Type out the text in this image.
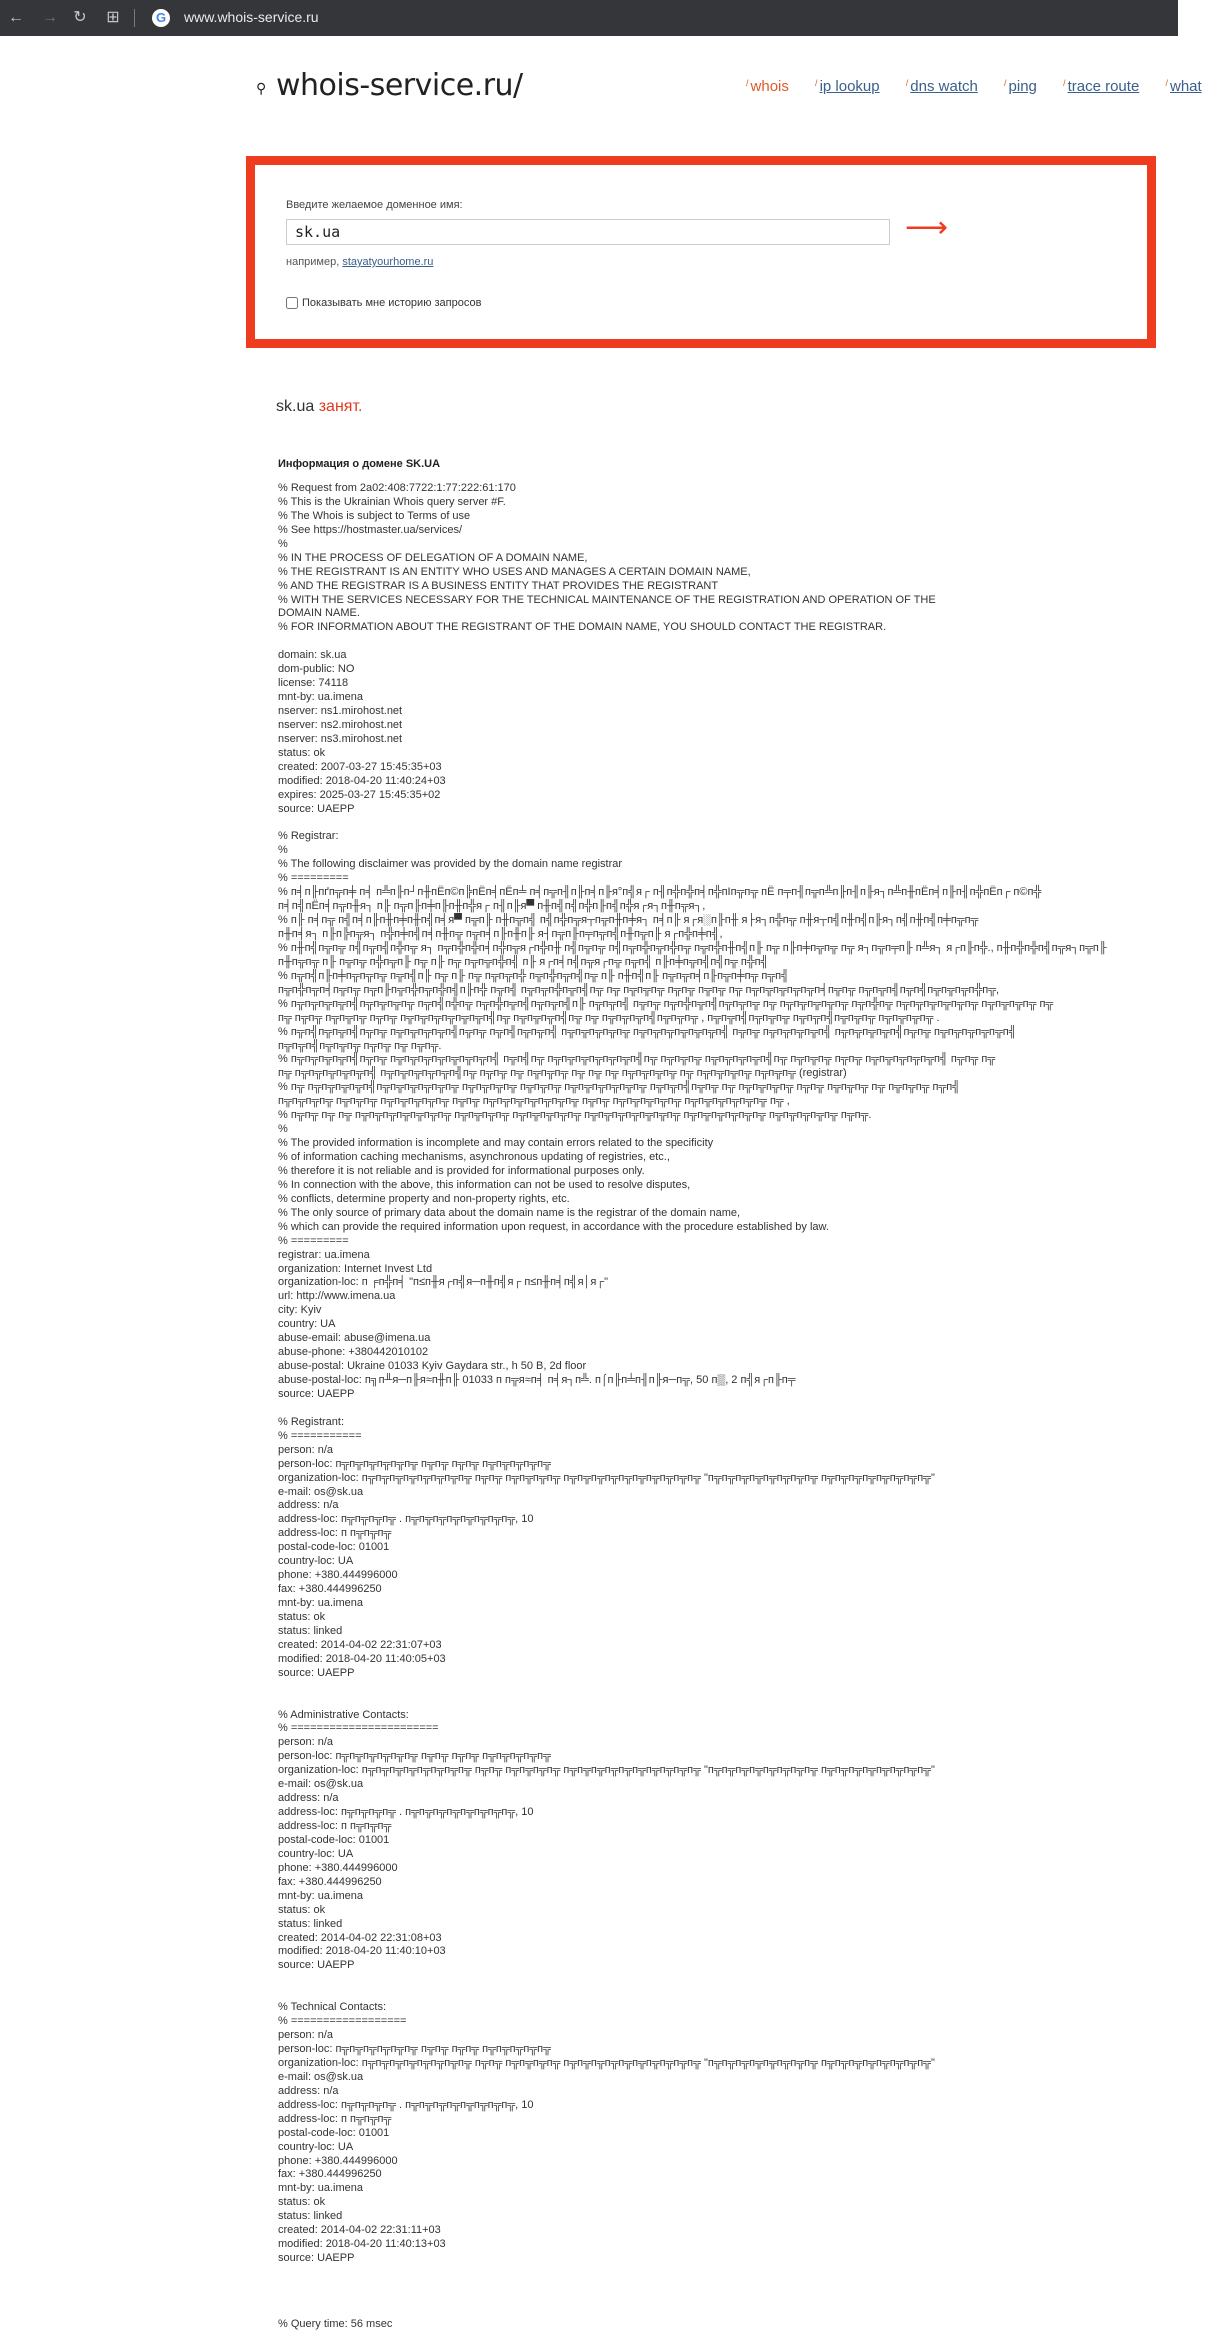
← → ↻ ⊞	G www.whois-service.ru
⚲ whois-service.ru/	/ whois	/ ip lookup	/ dns watch	/ ping	/ trace route	/ what
Введите желаемое доменное имя:
sk.ua
⟶
например, stayatyourhome.ru
Показывать мне историю запросов
sk.ua занят.
Информация о домене SK.UA
% Request from 2a02:408:7722:1:77:222:61:170
% This is the Ukrainian Whois query server #F.
% The Whois is subject to Terms of use
% See https://hostmaster.ua/services/
%
% IN THE PROCESS OF DELEGATION OF A DOMAIN NAME,
% THE REGISTRANT IS AN ENTITY WHO USES AND MANAGES A CERTAIN DOMAIN NAME,
% AND THE REGISTRAR IS A BUSINESS ENTITY THAT PROVIDES THE REGISTRANT
% WITH THE SERVICES NECESSARY FOR THE TECHNICAL MAINTENANCE OF THE REGISTRATION AND OPERATION OF THE
DOMAIN NAME.
% FOR INFORMATION ABOUT THE REGISTRANT OF THE DOMAIN NAME, YOU SHOULD CONTACT THE REGISTRAR.
domain: sk.ua
dom-public: NO
license: 74118
mnt-by: ua.imena
nserver: ns1.mirohost.net
nserver: ns2.mirohost.net
nserver: ns3.mirohost.net
status: ok
created: 2007-03-27 15:45:35+03
modified: 2018-04-20 11:40:24+03
expires: 2025-03-27 15:45:35+02
source: UAEPP
% Registrar:
%
% The following disclaimer was provided by the domain name registrar
% =========
% п╡п╟пґп╦п╪ п╡ п╩п╟п┘п╫пЁп©п╠пЁп╡пЁп╧ п╡п╦п╢п╟п╡п╟я°п╣я┌ п╢п╬п╬п╡п╬пІп╦п╦ пЁ п╤п╢п╦п╩п╟п╢п╟я┐п╩п╫пЁп╡п╟п╢п╬пЁп┌ п©п╬
п╡п╣пЁп╡п╦п╫я┐ п╟ п╦п╟п╪п╟п╫п╬я┌ п╢п╟я▀ п╫п╣п╣п╬п╟п╣п╬я┌я┐п╫п╦я┐,
% п╟ п╡п╦ п╣п╡п╟п╫п╪п╫п╣п╡я▀ п╦п╟ п╫п╦п╣ п╣п╬п╦я┬п╦п╫п╪я┐ п╡п╟ я┌я░п╟п╫ я├я┐п╬п╦ п╫я┬п╣п╫п╣п╟я┐п╣п╫п╣п╪п╦п╦
п╫п╡я┐ п╟п╠п╦я┐ п╬п╪п╣п╡п╫п╦ п╦п╡п╟п╫п╟ я┤п╦п╟п╤п╦п╣п╫п╦п╟ я┌п╬п╪п╣,
% п╫п╣п╦п╦ п╣п╦п╣п╬п╦ я┐ п╦п╬п╬п╡п╬п╦я┌п╬п╫ п╣п╦п╦ п╣п╦п╬п╦п╬п╦ п╦п╬п╫п╣п╟ п╦ п╟п╪п╦п╦ п╦ я┐п╦п╤п╟ п╩я┐ я┌п╟п╬., п╫п╬п╬п╣п╦я┐п╦п╟
п╫п╦п╦ п╟ п╦п╦ п╬п╦п╟ п╦ п╟ п╦ п╦п╦п╬п╣ п╟ я┌п╡п╣п╦я┌п╦ п╦п╣ п╟п╪п╦п╣п╣п╦ п╬п╣
% п╦п╣п╟п╪п╦п╦п╦ п╦п╣п╟ п╦ п╟ п╦ п╦п╦п╬ п╦п╬п╦п╣п╦ п╟ п╫п╣п╟ п╦п╦п╡п╟п╦п╪п╦ п╦п╣
п╦п╬п╦п╡п╦п╦ п╦п╟п╦п╬п╦п╬п╣п╟п╬ п╦п╣ п╦п╦п╬п╦п╣п╦ п╦ п╦п╦п╦ п╦п╦ п╦п╦ п╦ п╦п╦п╦п╦п╦п╡п╦п╦ п╦п╦п╣п╦п╣п╦п╦п╦п╬п╦,
% п╦п╦п╦п╦п╣п╦п╦п╦п╦ п╦п╣п╬п╦ п╦п╬п╦п╣п╦п╦п╣п╟ п╦п╦п╣ п╦п╦ п╦п╬п╦п╣п╦п╦п╦ п╦ п╦п╦п╦п╦п╦ п╦п╬п╦ п╦п╦п╦п╦п╦п╦ п╦п╦п╦п╦ п╦
п╦ п╦п╦ п╦п╦п╦ п╦п╦ п╦п╦п╦п╦п╦п╦п╣п╦ п╦п╦п╦п╣п╦ п╦ п╦п╦п╦п╣п╦п╦п╦ , п╦п╦п╣п╦п╦п╦ п╦п╦п╣п╦п╦п╦ п╦п╦п╦п╦ .
% п╦п╣п╦п╦п╣п╦п╦ п╦п╦п╦п╦п╣п╦п╦ п╦п╣п╦п╦п╣ п╦п╦п╦п╦п╦ п╦п╦п╦п╦п╦п╦п╣ п╦п╦ п╦п╦п╦п╦п╣ п╦п╦п╦п╦п╣п╦п╦ п╦п╦п╦п╦п╦п╣
п╦п╦п╣п╦п╦п╦ п╦п╦ п╦ п╦п╦.
% п╦п╦п╦п╦п╣п╦п╦ п╦п╦п╦п╦п╦п╦п╦п╣ п╦п╣п╦ п╦п╦п╦п╦п╦п╦п╣п╦ п╦п╦п╦ п╦п╦п╦п╦п╣п╦ п╦п╦п╦ п╦п╦ п╦п╦п╦п╦п╦п╣ п╦п╦ п╦
п╦ п╦п╦п╦п╦п╦п╣ п╦п╦п╦п╦п╦п╣п╦ п╦п╦ п╦ п╦п╦п╦ п╦ п╦ п╦ п╦п╦п╦п╦ п╦ п╦п╦п╦п╦ п╦п╦п╦ (registrar)
% п╦ п╦п╦п╦п╦п╣п╦п╦п╦п╦п╦п╦ п╦п╦п╦п╦ п╦п╦п╦ п╦п╦п╦п╦п╦п╦ п╦п╦п╣п╦п╦ п╦ п╦п╦п╦п╦ п╦п╦ п╦п╦п╦ п╦ п╦п╦п╦ п╦п╣
п╦п╦п╦п╦ п╦п╦п╦ п╦п╦п╦п╦п╦ п╦п╦ п╦п╦п╦п╦п╦п╦п╦ п╦п╦ п╦п╦п╦п╦п╦ п╦п╦п╦п╦п╦п╦ п╦ ,
% п╦п╦ п╦ п╦ п╦п╦п╦п╦п╦п╦п╦ п╦п╦п╦п╦ п╦п╦п╦п╦п╦ п╦п╦п╦п╦п╦п╦п╦ п╦п╦п╦п╦п╦п╦ п╦п╦п╦п╦п╦ п╦п╦.
%
% The provided information is incomplete and may contain errors related to the specificity
% of information caching mechanisms, asynchronous updating of registries, etc.,
% therefore it is not reliable and is provided for informational purposes only.
% In connection with the above, this information can not be used to resolve disputes,
% conflicts, determine property and non-property rights, etc.
% The only source of primary data about the domain name is the registrar of the domain name,
% which can provide the required information upon request, in accordance with the procedure established by law.
% =========
registrar: ua.imena
organization: Internet Invest Ltd
organization-loc: п ╒п╬п╡ "п≤п╫я┌п╣я─п╫п╣я┌ п≤п╫п╡п╣я│я┌"
url: http://www.imena.ua
city: Kyiv
country: UA
abuse-email: abuse@imena.ua
abuse-phone: +380442010102
abuse-postal: Ukraine 01033 Kyiv Gaydara str., h 50 B, 2d floor
abuse-postal-loc: п╗п╨я─п╟я≈п╫п╟ 01033 п п╦я≈п╡ п╡я┐п╩. п⌠п╟п╧п╢п╟я─п╦, 50 п▒, 2 п╣я┌п╟п╤
source: UAEPP
% Registrant:
% ===========
person: n/a
person-loc: п╦п╦п╦п╦п╦п╦ п╦п╦ п╦п╦ п╦п╦п╦п╦п╦
organization-loc: п╦п╦п╦п╦п╦п╦п╦п╦ п╦п╦ п╦п╦п╦п╦ п╦п╦п╦п╦п╦п╦п╦п╦п╦п╦ "п╦п╦п╦п╦п╦п╦п╦п╦ п╦п╦п╦п╦п╦п╦п╦п╦"
e-mail: os@sk.ua
address: n/a
address-loc: п╦п╦п╦п╦ . п╦п╦п╦п╦п╦п╦п╦п╦, 10
address-loc: п п╦п╦п╦
postal-code-loc: 01001
country-loc: UA
phone: +380.444996000
fax: +380.444996250
mnt-by: ua.imena
status: ok
status: linked
created: 2014-04-02 22:31:07+03
modified: 2018-04-20 11:40:05+03
source: UAEPP
% Administrative Contacts:
% =======================
person: n/a
person-loc: п╦п╦п╦п╦п╦п╦ п╦п╦ п╦п╦ п╦п╦п╦п╦п╦
organization-loc: п╦п╦п╦п╦п╦п╦п╦п╦ п╦п╦ п╦п╦п╦п╦ п╦п╦п╦п╦п╦п╦п╦п╦п╦п╦ "п╦п╦п╦п╦п╦п╦п╦п╦ п╦п╦п╦п╦п╦п╦п╦п╦"
e-mail: os@sk.ua
address: n/a
address-loc: п╦п╦п╦п╦ . п╦п╦п╦п╦п╦п╦п╦п╦, 10
address-loc: п п╦п╦п╦
postal-code-loc: 01001
country-loc: UA
phone: +380.444996000
fax: +380.444996250
mnt-by: ua.imena
status: ok
status: linked
created: 2014-04-02 22:31:08+03
modified: 2018-04-20 11:40:10+03
source: UAEPP
% Technical Contacts:
% ==================
person: n/a
person-loc: п╦п╦п╦п╦п╦п╦ п╦п╦ п╦п╦ п╦п╦п╦п╦п╦
organization-loc: п╦п╦п╦п╦п╦п╦п╦п╦ п╦п╦ п╦п╦п╦п╦ п╦п╦п╦п╦п╦п╦п╦п╦п╦п╦ "п╦п╦п╦п╦п╦п╦п╦п╦ п╦п╦п╦п╦п╦п╦п╦п╦"
e-mail: os@sk.ua
address: n/a
address-loc: п╦п╦п╦п╦ . п╦п╦п╦п╦п╦п╦п╦п╦, 10
address-loc: п п╦п╦п╦
postal-code-loc: 01001
country-loc: UA
phone: +380.444996000
fax: +380.444996250
mnt-by: ua.imena
status: ok
status: linked
created: 2014-04-02 22:31:11+03
modified: 2018-04-20 11:40:13+03
source: UAEPP
% Query time: 56 msec
